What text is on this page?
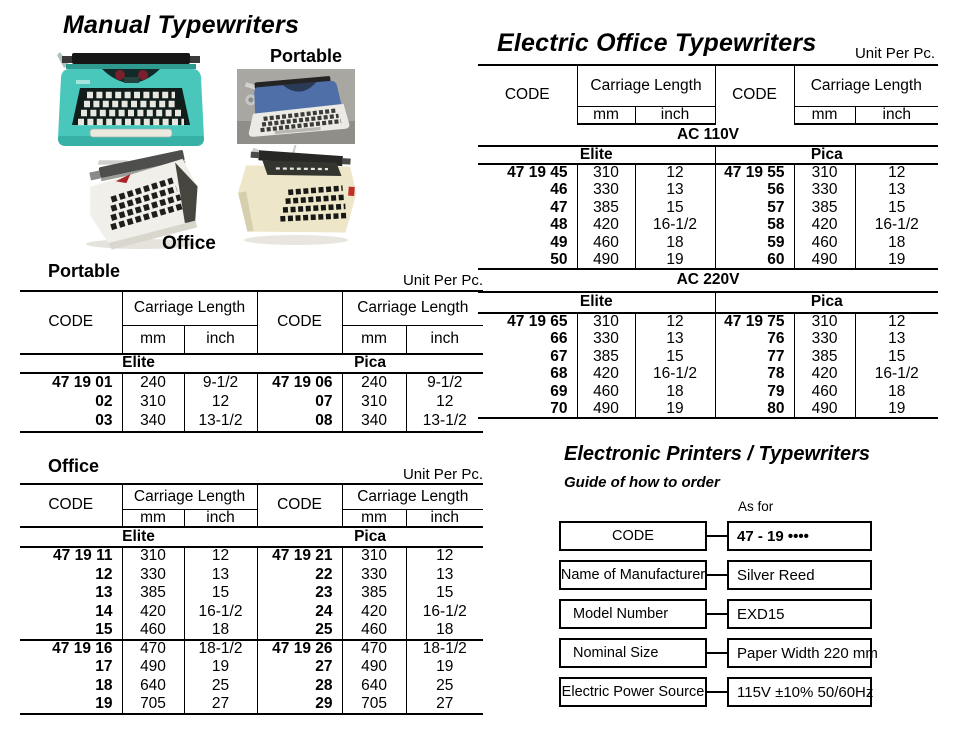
Manual Typewriters
Portable
Office
Portable	Unit Per Pc.
CODE	Carriage Length		CODE	Carriage Length	
	mm	inch		mm	inch
Elite			Pica		
47 19 01	240	9-1/2	47 19 06	240	9-1/2
02	310	12	07	310	12
03	340	13-1/2	08	340	13-1/2
Office	Unit Per Pc.
CODE	Carriage Length		CODE	Carriage Length	
	mm	inch		mm	inch
Elite			Pica		
47 19 11	310	12	47 19 21	310	12
12	330	13	22	330	13
13	385	15	23	385	15
14	420	16-1/2	24	420	16-1/2
15	460	18	25	460	18
47 19 16	470	18-1/2	47 19 26	470	18-1/2
17	490	19	27	490	19
18	640	25	28	640	25
19	705	27	29	705	27
Electric Office Typewriters	Unit Per Pc.
CODE	Carriage Length		CODE	Carriage Length	
	mm	inch		mm	inch
AC 110V					
Elite			Pica		
47 19 45	310	12	47 19 55	310	12
46	330	13	56	330	13
47	385	15	57	385	15
48	420	16-1/2	58	420	16-1/2
49	460	18	59	460	18
50	490	19	60	490	19
AC 220V					
Elite			Pica		
47 19 65	310	12	47 19 75	310	12
66	330	13	76	330	13
67	385	15	77	385	15
68	420	16-1/2	78	420	16-1/2
69	460	18	79	460	18
70	490	19	80	490	19
Electronic Printers / Typewriters
Guide of how to order
As for
CODE	47 - 19 ••••
Name of Manufacturer	Silver Reed
Model Number	EXD15
Nominal Size	Paper Width 220 mm
Electric Power Source	115V ±10% 50/60Hz
